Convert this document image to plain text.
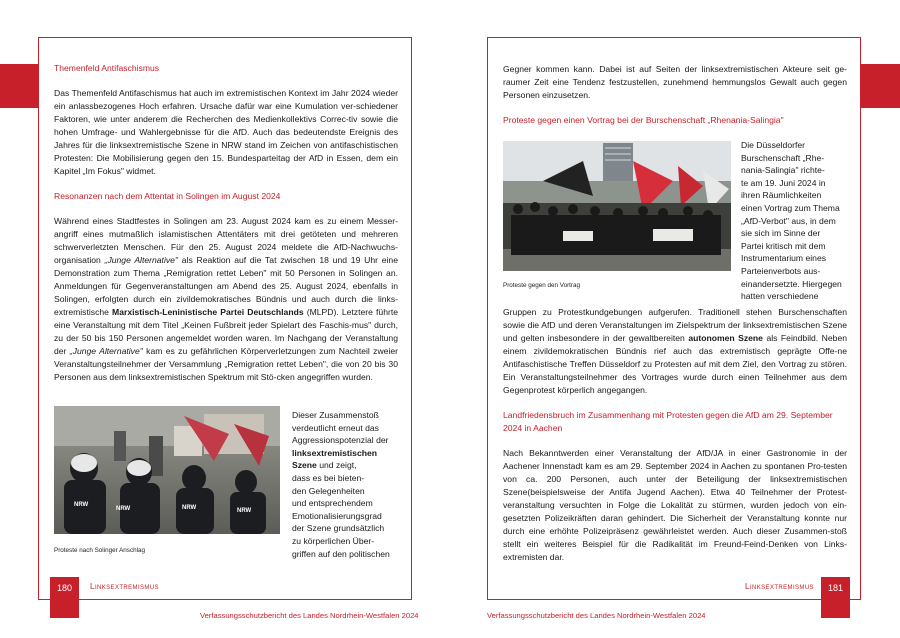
Themenfeld Antifaschismus

Das Themenfeld Antifaschismus hat auch im extremistischen Kontext im Jahr 2024 wieder ein anlassbezogenes Hoch erfahren. Ursache dafür war eine Kumulation ver-schiedener Faktoren, wie unter anderem die Recherchen des Medienkollektivs Correc-tiv sowie die hohen Umfrage- und Wahlergebnisse für die AfD. Auch das bedeutendste Ereignis des Jahres für die linksextremistische Szene in NRW stand im Zeichen von antifaschistischen Protesten: Die Mobilisierung gegen den 15. Bundesparteitag der AfD in Essen, dem ein Kapitel „Im Fokus" widmet.

Resonanzen nach dem Attentat in Solingen im August 2024

Während eines Stadtfestes in Solingen am 23. August 2024 kam es zu einem Messer-angriff eines mutmaßlich islamistischen Attentäters mit drei getöteten und mehreren schwerverletzten Menschen. Für den 25. August 2024 meldete die AfD-Nachwuchs-organisation „Junge Alternative" als Reaktion auf die Tat zwischen 18 und 19 Uhr eine Demonstration zum Thema „Remigration rettet Leben" mit 50 Personen in Solingen an. Anmeldungen für Gegenveranstaltungen am Abend des 25. August 2024, ebenfalls in Solingen, erfolgten durch ein zivildemokratisches Bündnis und auch durch die links-extremistische Marxistisch-Leninistische Partei Deutschlands (MLPD). Letztere führte eine Veranstaltung mit dem Titel „Keinen Fußbreit jeder Spielart des Faschis-mus" durch, zu der 50 bis 150 Personen angemeldet worden waren. Im Nachgang der Veranstaltung der „Junge Alternative" kam es zu gefährlichen Körperverletzungen zum Nachteil zweier Veranstaltungsteilnehmer der Versammlung „Remigration rettet Leben", die von 20 bis 30 Personen aus dem linksextremistischen Spektrum mit Stö-cken angegriffen wurden.

NRW	NRW	NRW
NRW
Proteste nach Solinger Anschlag
Dieser Zusammenstoß
verdeutlicht erneut das
Aggressionspotenzial der
linksextremistischen
Szene und zeigt,
dass es bei bieten-
den Gelegenheiten
und entsprechendem
Emotionalisierungsgrad
der Szene grundsätzlich
zu körperlichen Über-
griffen auf den politischen
180	Linksextremismus
Verfassungsschutzbericht des Landes Nordrhein-Westfalen 2024

Gegner kommen kann. Dabei ist auf Seiten der linksextremistischen Akteure seit ge-raumer Zeit eine Tendenz festzustellen, zunehmend hemmungslos Gewalt auch gegen Personen einzusetzen.

Proteste gegen einen Vortrag bei der Burschenschaft „Rhenania-Salingia"

Proteste gegen den Vortrag
Die Düsseldorfer
Burschenschaft „Rhe-
nania-Salingia" richte-
te am 19. Juni 2024 in
ihren Räumlichkeiten
einen Vortrag zum Thema
„AfD-Verbot" aus, in dem
sie sich im Sinne der
Partei kritisch mit dem
Instrumentarium eines
Parteienverbots aus-
einandersetzte. Hiergegen
hatten verschiedene

Gruppen zu Protestkundgebungen aufgerufen. Traditionell stehen Burschenschaften sowie die AfD und deren Veranstaltungen im Zielspektrum der linksextremistischen Szene und gelten insbesondere in der gewaltbereiten autonomen Szene als Feindbild. Neben einem zivildemokratischen Bündnis rief auch das extremistisch geprägte Offe-ne Antifaschistische Treffen Düsseldorf zu Protesten auf mit dem Ziel, den Vortrag zu stören. Ein Veranstaltungsteilnehmer des Vortrages wurde durch einen Teilnehmer aus dem Gegenprotest körperlich angegangen.

Landfriedensbruch im Zusammenhang mit Protesten gegen die AfD am 29. September 2024 in Aachen

Nach Bekanntwerden einer Veranstaltung der AfD/JA in einer Gastronomie in der Aachener Innenstadt kam es am 29. September 2024 in Aachen zu spontanen Pro-testen von ca. 200 Personen, auch unter der Beteiligung der linksextremistischen Szene(beispielsweise der Antifa Jugend Aachen). Etwa 40 Teilnehmer der Protest-veranstaltung versuchten in Folge die Lokalität zu stürmen, wurden jedoch von ein-gesetzten Polizeikräften daran gehindert. Die Sicherheit der Veranstaltung konnte nur durch eine erhöhte Polizeipräsenz gewährleistet werden. Auch dieser Zusammen-stoß stellt ein weiteres Beispiel für die Radikalität im Freund-Feind-Denken von Links-extremisten dar.

Linksextremismus	181
Verfassungsschutzbericht des Landes Nordrhein-Westfalen 2024
